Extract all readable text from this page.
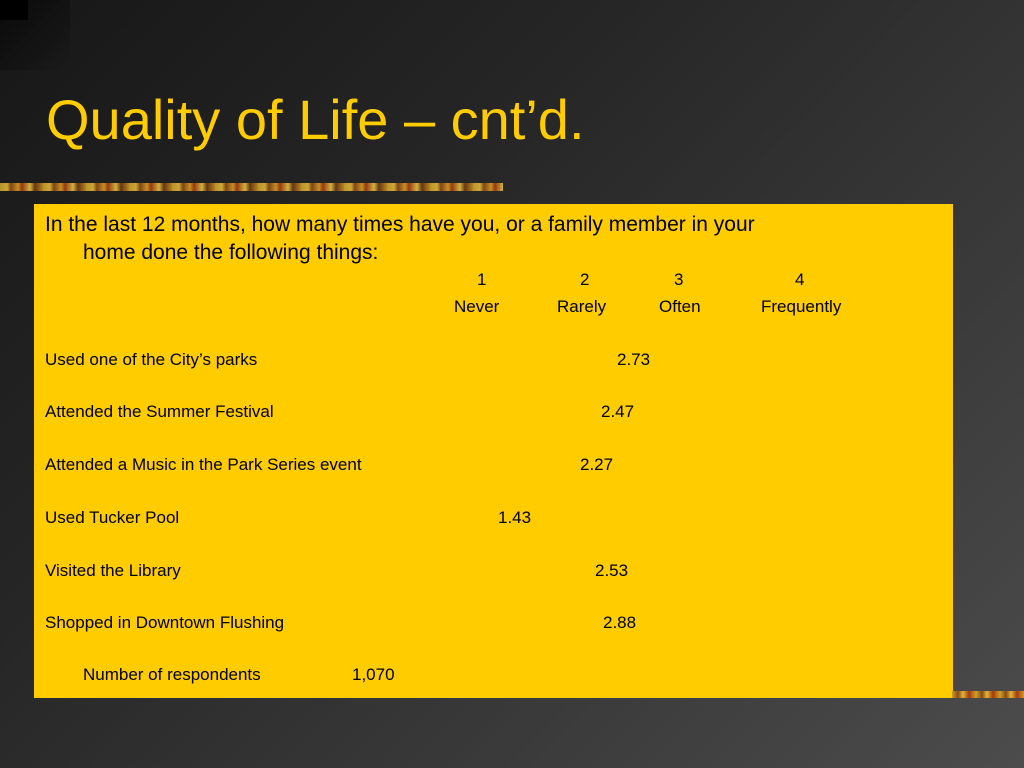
Quality of Life – cnt’d.

In the last 12 months, how many times have you, or a family member in your

home done the following things:

1	2	3	4
Never	Rarely	Often	Frequently
Used one of the City’s parks	2.73
Attended the Summer Festival	2.47
Attended a Music in the Park Series event	2.27
Used Tucker Pool	1.43
Visited the Library	2.53
Shopped in Downtown Flushing	2.88
Number of respondents	1,070
